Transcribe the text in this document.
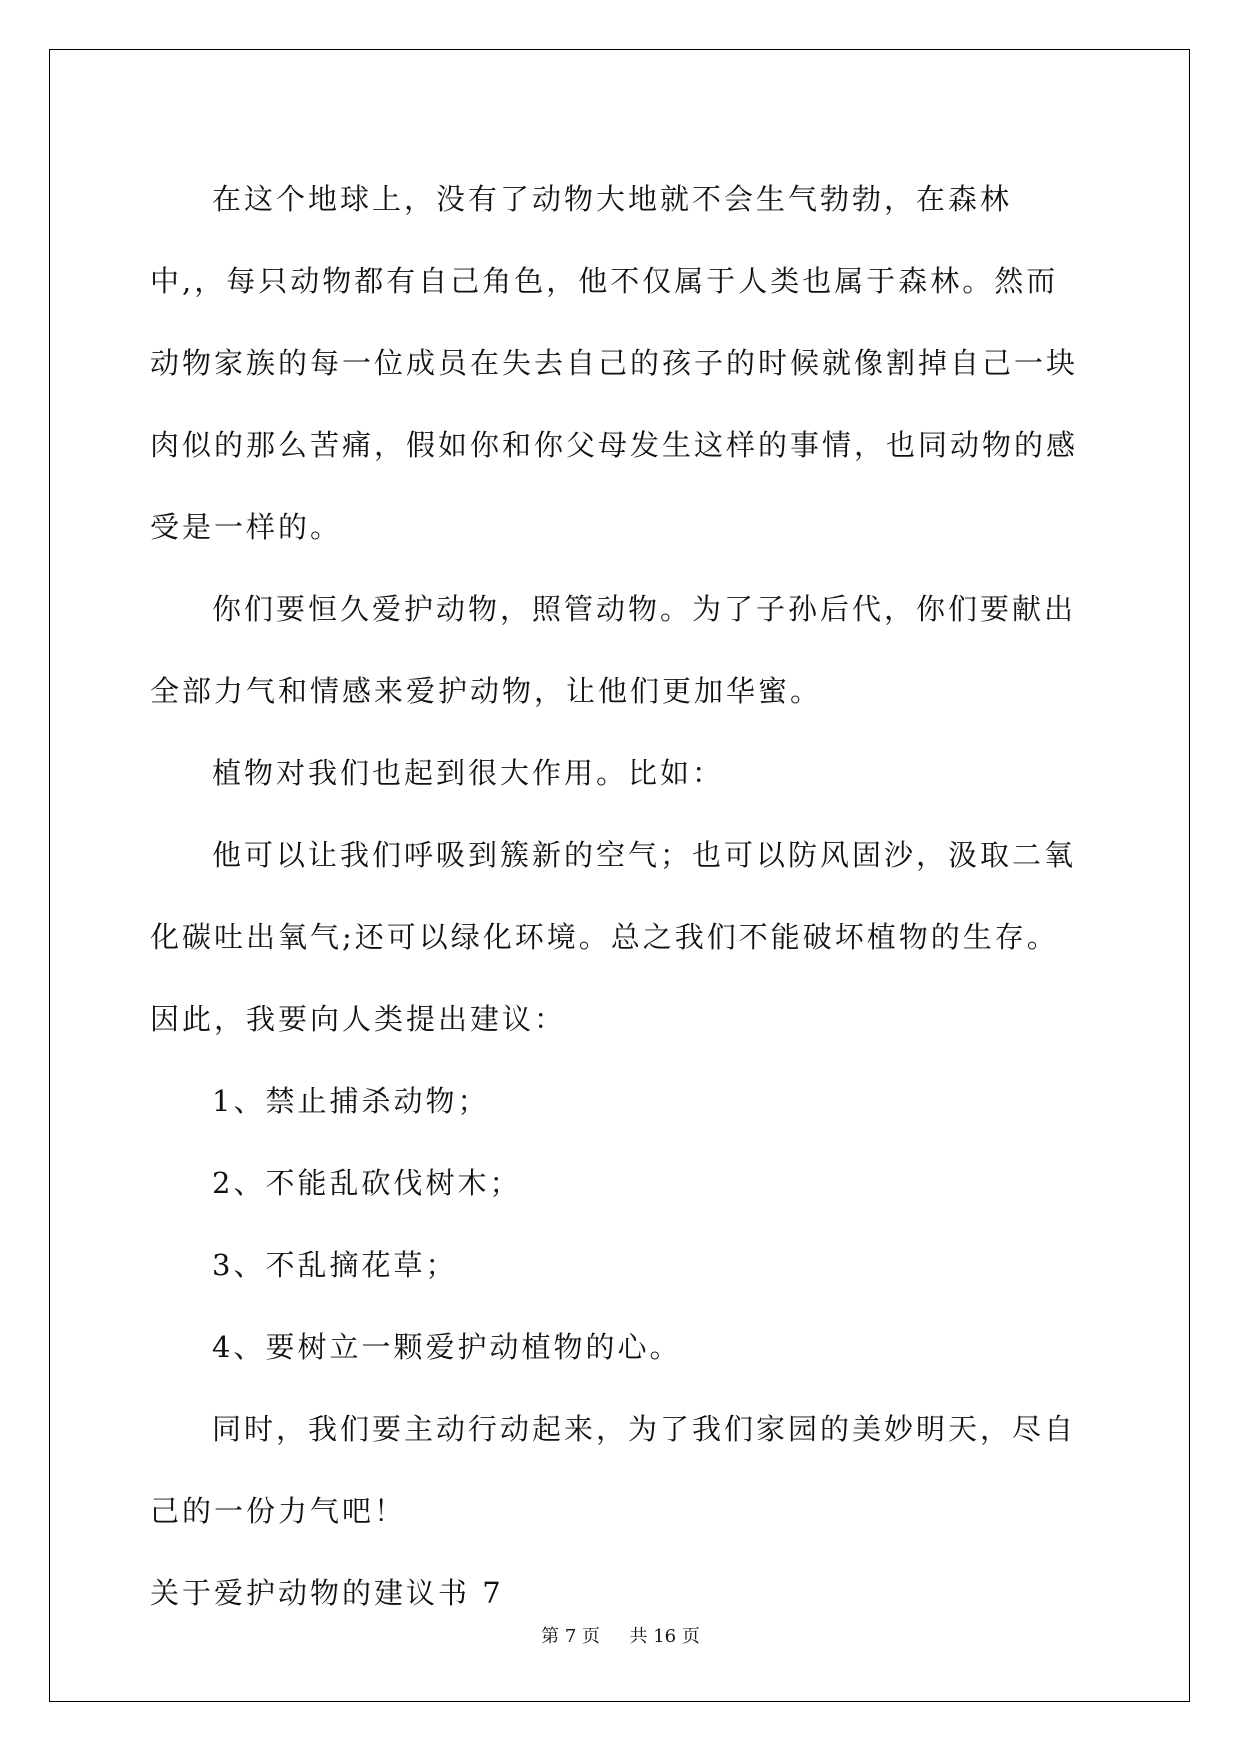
在这个地球上，没有了动物大地就不会生气勃勃，在森林中,，每只动物都有自己角色，他不仅属于人类也属于森林。然而动物家族的每一位成员在失去自己的孩子的时候就像割掉自己一块肉似的那么苦痛，假如你和你父母发生这样的事情，也同动物的感受是一样的。

你们要恒久爱护动物，照管动物。为了子孙后代，你们要献出全部力气和情感来爱护动物，让他们更加华蜜。

植物对我们也起到很大作用。比如：

他可以让我们呼吸到簇新的空气；也可以防风固沙，汲取二氧化碳吐出氧气;还可以绿化环境。总之我们不能破坏植物的生存。 因此，我要向人类提出建议：

1、禁止捕杀动物；

2、不能乱砍伐树木；

3、不乱摘花草；

4、要树立一颗爱护动植物的心。

同时，我们要主动行动起来，为了我们家园的美妙明天，尽自己的一份力气吧！

关于爱护动物的建议书 7

第 7 页 共 16 页
